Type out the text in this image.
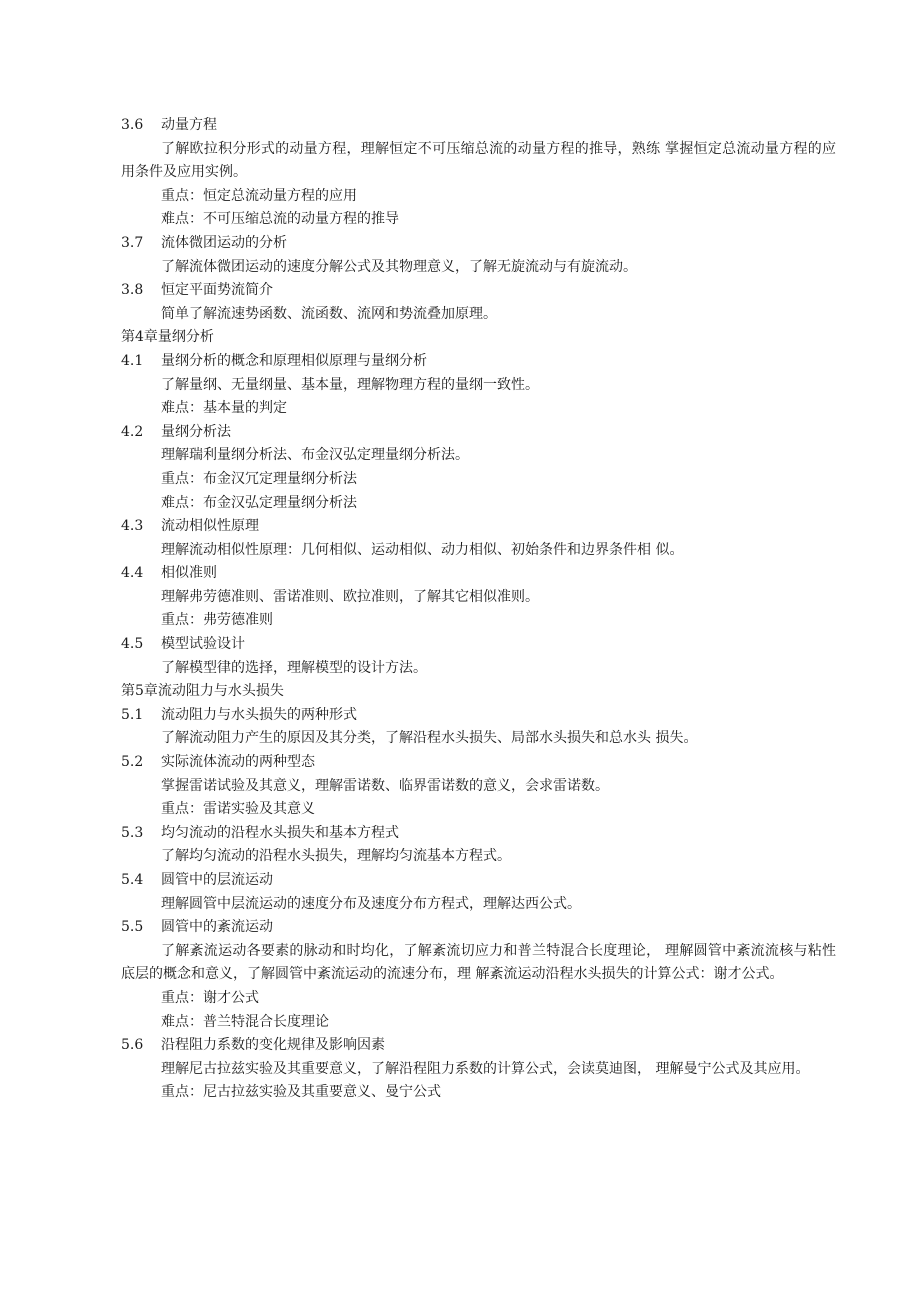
3.6 动量方程
了解欧拉积分形式的动量方程，理解恒定不可压缩总流的动量方程的推导，熟练 掌握恒定总流动量方程的应用条件及应用实例。
重点：恒定总流动量方程的应用
难点：不可压缩总流的动量方程的推导
3.7 流体微团运动的分析
了解流体微团运动的速度分解公式及其物理意义，了解无旋流动与有旋流动。
3.8 恒定平面势流简介
简单了解流速势函数、流函数、流网和势流叠加原理。
第4章量纲分析
4.1 量纲分析的概念和原理相似原理与量纲分析
了解量纲、无量纲量、基本量，理解物理方程的量纲一致性。
难点：基本量的判定
4.2 量纲分析法
理解瑞利量纲分析法、布金汉弘定理量纲分析法。
重点：布金汉冗定理量纲分析法
难点：布金汉弘定理量纲分析法
4.3 流动相似性原理
理解流动相似性原理：几何相似、运动相似、动力相似、初始条件和边界条件相 似。
4.4 相似准则
理解弗劳德准则、雷诺准则、欧拉准则，了解其它相似准则。
重点：弗劳德准则
4.5 模型试验设计
了解模型律的选择，理解模型的设计方法。
第5章流动阻力与水头损失
5.1 流动阻力与水头损失的两种形式
了解流动阻力产生的原因及其分类，了解沿程水头损失、局部水头损失和总水头 损失。
5.2 实际流体流动的两种型态
掌握雷诺试验及其意义，理解雷诺数、临界雷诺数的意义，会求雷诺数。
重点：雷诺实验及其意义
5.3 均匀流动的沿程水头损失和基本方程式
了解均匀流动的沿程水头损失，理解均匀流基本方程式。
5.4 圆管中的层流运动
理解圆管中层流运动的速度分布及速度分布方程式，理解达西公式。
5.5 圆管中的紊流运动
了解紊流运动各要素的脉动和时均化，了解紊流切应力和普兰特混合长度理论， 理解圆管中紊流流核与粘性底层的概念和意义，了解圆管中紊流运动的流速分布，理 解紊流运动沿程水头损失的计算公式：谢才公式。
重点：谢才公式
难点：普兰特混合长度理论
5.6 沿程阻力系数的变化规律及影响因素
理解尼古拉兹实验及其重要意义，了解沿程阻力系数的计算公式，会读莫迪图， 理解曼宁公式及其应用。
重点：尼古拉兹实验及其重要意义、曼宁公式
